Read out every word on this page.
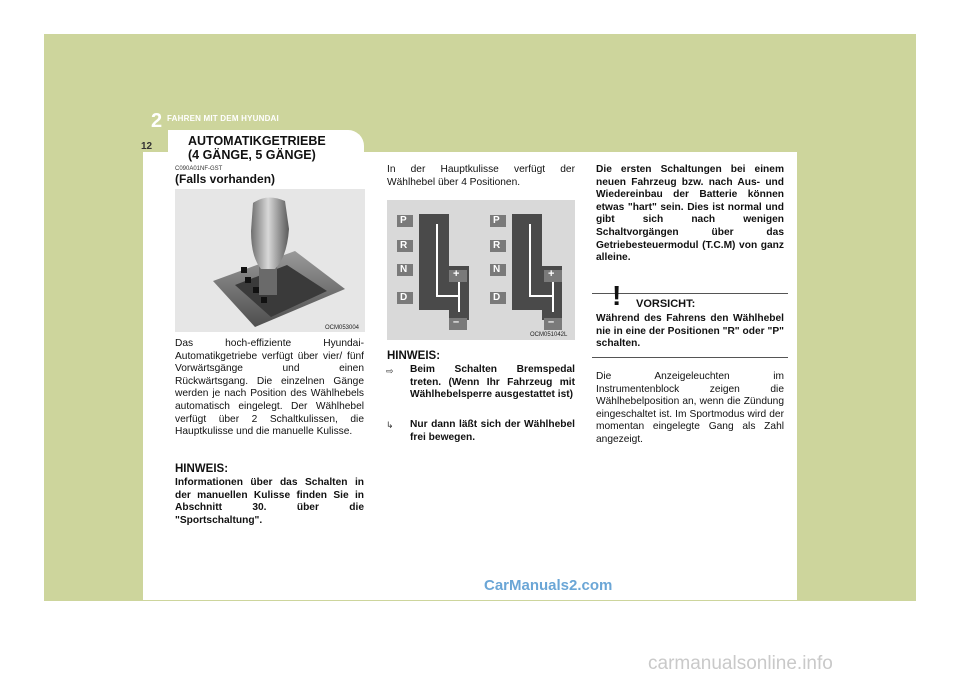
2 FAHREN MIT DEM HYUNDAI
12	AUTOMATIKGETRIEBE
(4 GÄNGE, 5 GÄNGE)
C090A01NF-GST
(Falls vorhanden)
OCM053004
P
R
N
D
+
–
P
R
N
D
+
–
OCM051042L
Das hoch-effiziente Hyundai-Automatikgetriebe verfügt über vier/ fünf Vorwärtsgänge und einen Rückwärtsgang. Die einzelnen Gänge werden je nach Position des Wählhebels automatisch eingelegt. Der Wählhebel verfügt über 2 Schaltkulissen, die Hauptkulisse und die manuelle Kulisse.
HINWEIS:
Informationen über das Schalten in der manuellen Kulisse finden Sie in Abschnitt 30. über die "Sportschaltung".
In der Hauptkulisse verfügt der Wählhebel über 4 Positionen.
HINWEIS:
⇨ Beim Schalten Bremspedal treten. (Wenn Ihr Fahrzeug mit Wählhebelsperre ausgestattet ist)
↳ Nur dann läßt sich der Wählhebel frei bewegen.
Die ersten Schaltungen bei einem neuen Fahrzeug bzw. nach Aus- und Wiedereinbau der Batterie können etwas "hart" sein. Dies ist normal und gibt sich nach wenigen Schaltvorgängen über das Getriebesteuermodul (T.C.M) von ganz alleine.
! VORSICHT:
Während des Fahrens den Wählhebel nie in eine der Positionen "R" oder "P" schalten.
Die Anzeigeleuchten im Instrumentenblock zeigen die Wählhebelposition an, wenn die Zündung eingeschaltet ist. Im Sportmodus wird der momentan eingelegte Gang als Zahl angezeigt.
CarManuals2.com
carmanualsonline.info
